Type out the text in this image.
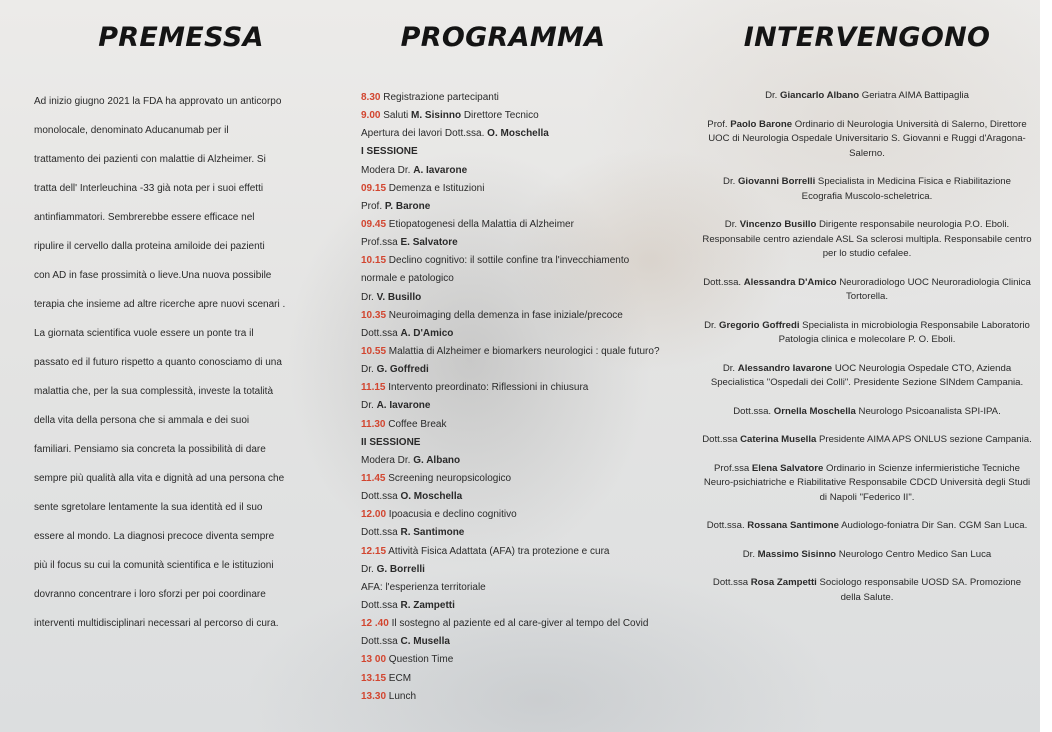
PREMESSA
Ad inizio giugno 2021 la FDA ha approvato un anticorpo
monolocale, denominato Aducanumab per il
trattamento dei pazienti con malattie di Alzheimer. Si
tratta dell' Interleuchina -33 già nota per i suoi effetti
antinfiammatori. Sembrerebbe essere efficace nel
ripulire il cervello dalla proteina amiloide dei pazienti
con AD in fase prossimità o lieve.Una nuova possibile
terapia che insieme ad altre ricerche apre nuovi scenari .
La giornata scientifica vuole essere un ponte tra il
passato ed il futuro rispetto a quanto conosciamo di una
malattia che, per la sua complessità, investe la totalità
della vita della persona che si ammala e dei suoi
familiari. Pensiamo sia concreta la possibilità di dare
sempre più qualità alla vita e dignità ad una persona che
sente sgretolare lentamente la sua identità ed il suo
essere al mondo. La diagnosi precoce diventa sempre
più il focus su cui la comunità scientifica e le istituzioni
dovranno concentrare i loro sforzi per poi coordinare
interventi multidisciplinari necessari al percorso di cura.
PROGRAMMA
8.30 Registrazione partecipanti
9.00 Saluti M. Sisinno Direttore Tecnico
Apertura dei lavori Dott.ssa. O. Moschella
I SESSIONE
Modera Dr. A. Iavarone
09.15 Demenza e Istituzioni
Prof. P. Barone
09.45 Etiopatogenesi della Malattia di Alzheimer
Prof.ssa E. Salvatore
10.15 Declino cognitivo: il sottile confine tra l'invecchiamento normale e patologico
Dr. V. Busillo
10.35 Neuroimaging della demenza in fase iniziale/precoce
Dott.ssa A. D'Amico
10.55 Malattia di Alzheimer e biomarkers neurologici : quale futuro?
Dr. G. Goffredi
11.15 Intervento preordinato: Riflessioni in chiusura
Dr. A. Iavarone
11.30 Coffee Break
II SESSIONE
Modera Dr. G. Albano
11.45 Screening neuropsicologico
Dott.ssa O. Moschella
12.00 Ipoacusia e declino cognitivo
Dott.ssa R. Santimone
12.15 Attività Fisica Adattata (AFA) tra protezione e cura
Dr. G. Borrelli
AFA: l'esperienza territoriale
Dott.ssa R. Zampetti
12 .40 Il sostegno al paziente ed al care-giver al tempo del Covid
Dott.ssa C. Musella
13 00 Question Time
13.15 ECM
13.30 Lunch
INTERVENGONO
Dr. Giancarlo Albano Geriatra AIMA Battipaglia
Prof. Paolo Barone Ordinario di Neurologia Università di Salerno, Direttore UOC di Neurologia Ospedale Universitario S. Giovanni e Ruggi d'Aragona- Salerno.
Dr. Giovanni Borrelli Specialista in Medicina Fisica e Riabilitazione Ecografia Muscolo-scheletrica.
Dr. Vincenzo Busillo Dirigente responsabile neurologia P.O. Eboli. Responsabile centro aziendale ASL Sa sclerosi multipla. Responsabile centro per lo studio cefalee.
Dott.ssa. Alessandra D'Amico Neuroradiologo UOC Neuroradiologia Clinica Tortorella.
Dr. Gregorio Goffredi Specialista in microbiologia Responsabile Laboratorio Patologia clinica e molecolare P. O. Eboli.
Dr. Alessandro Iavarone UOC Neurologia Ospedale CTO, Azienda Specialistica "Ospedali dei Colli". Presidente Sezione SINdem Campania.
Dott.ssa. Ornella Moschella Neurologo Psicoanalista SPI-IPA.
Dott.ssa Caterina Musella Presidente AIMA APS ONLUS sezione Campania.
Prof.ssa Elena Salvatore Ordinario in Scienze infermieristiche Tecniche Neuro-psichiatriche e Riabilitative Responsabile CDCD Università degli Studi di Napoli "Federico II".
Dott.ssa. Rossana Santimone Audiologo-foniatra Dir San. CGM San Luca.
Dr. Massimo Sisinno Neurologo Centro Medico San Luca
Dott.ssa Rosa Zampetti Sociologo responsabile UOSD SA. Promozione della Salute.
